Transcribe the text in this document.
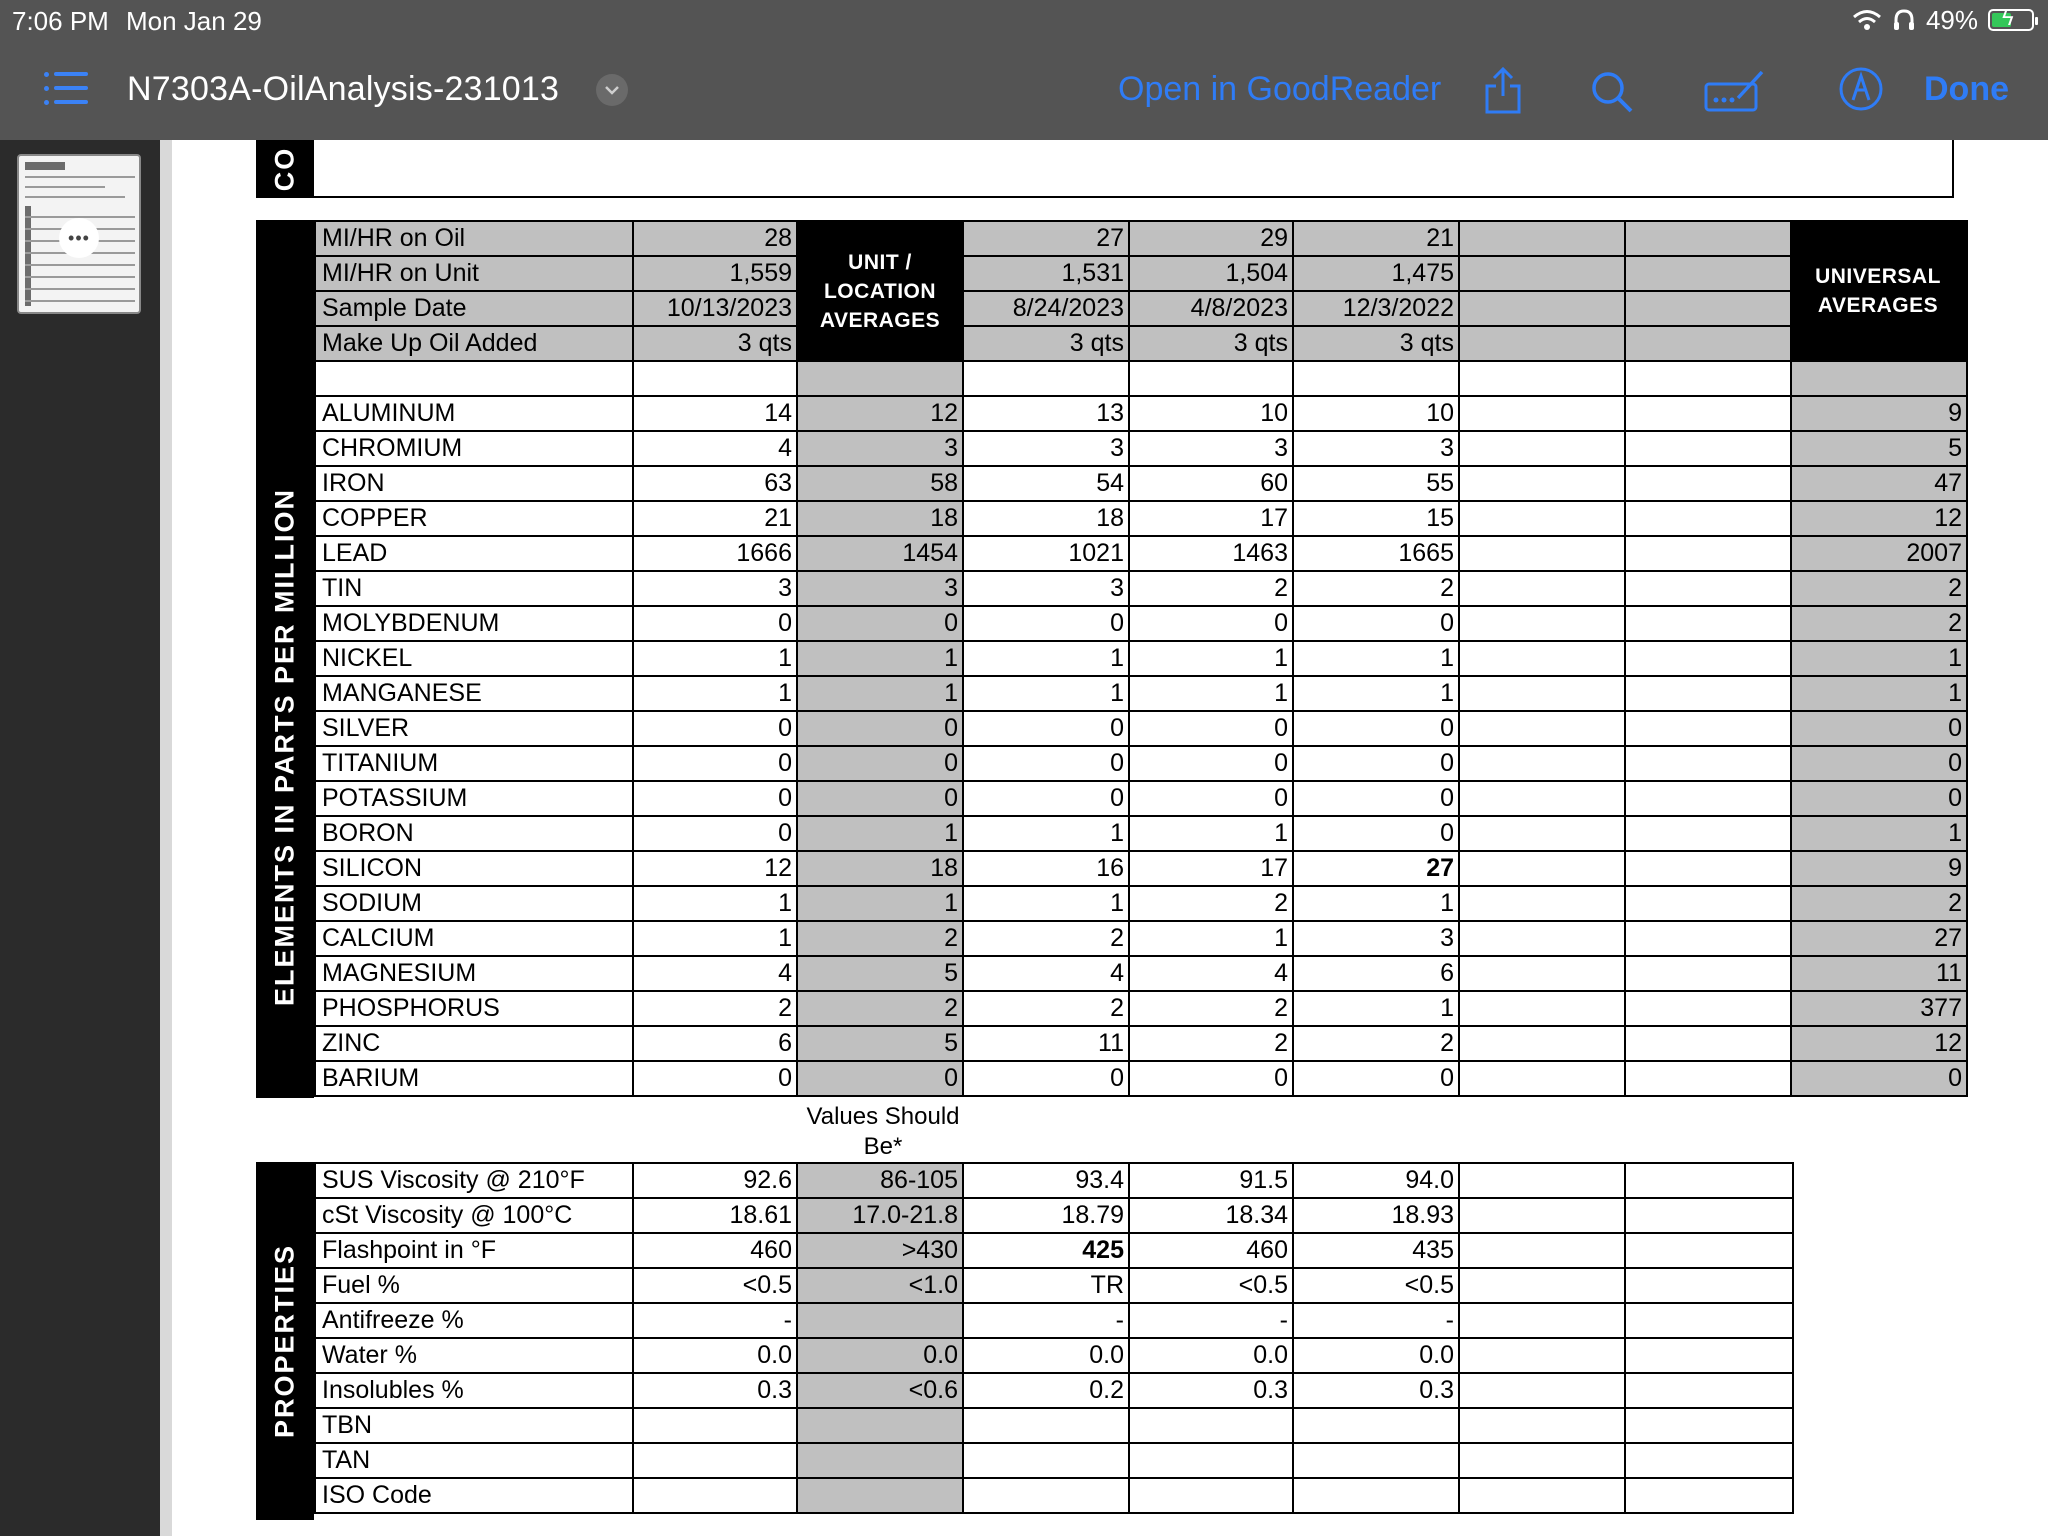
7:06 PM Mon Jan 29	49% ϟ
N7303A-OilAnalysis-231013	Open in GoodReader	Done
•••
CO
ELEMENTS IN PARTS PER MILLION
MI/HR on Oil	28		27	29	21			
MI/HR on Unit	1,559		1,531	1,504	1,475			
Sample Date	10/13/2023		8/24/2023	4/8/2023	12/3/2022			
Make Up Oil Added	3 qts		3 qts	3 qts	3 qts			

ALUMINUM	14	12	13	10	10			9
CHROMIUM	4	3	3	3	3			5
IRON	63	58	54	60	55			47
COPPER	21	18	18	17	15			12
LEAD	1666	1454	1021	1463	1665			2007
TIN	3	3	3	2	2			2
MOLYBDENUM	0	0	0	0	0			2
NICKEL	1	1	1	1	1			1
MANGANESE	1	1	1	1	1			1
SILVER	0	0	0	0	0			0
TITANIUM	0	0	0	0	0			0
POTASSIUM	0	0	0	0	0			0
BORON	0	1	1	1	0			1
SILICON	12	18	16	17	27			9
SODIUM	1	1	1	2	1			2
CALCIUM	1	2	2	1	3			27
MAGNESIUM	4	5	4	4	6			11
PHOSPHORUS	2	2	2	2	1			377
ZINC	6	5	11	2	2			12
BARIUM	0	0	0	0	0			0
UNIT / LOCATION AVERAGES
UNIVERSAL AVERAGES
Values Should Be*
PROPERTIES
SUS Viscosity @ 210°F	92.6	86-105	93.4	91.5	94.0		
cSt Viscosity @ 100°C	18.61	17.0-21.8	18.79	18.34	18.93		
Flashpoint in °F	460	>430	425	460	435		
Fuel %	<0.5	<1.0	TR	<0.5	<0.5		
Antifreeze %	-		-	-	-		
Water %	0.0	0.0	0.0	0.0	0.0		
Insolubles %	0.3	<0.6	0.2	0.3	0.3		
TBN							
TAN							
ISO Code							
